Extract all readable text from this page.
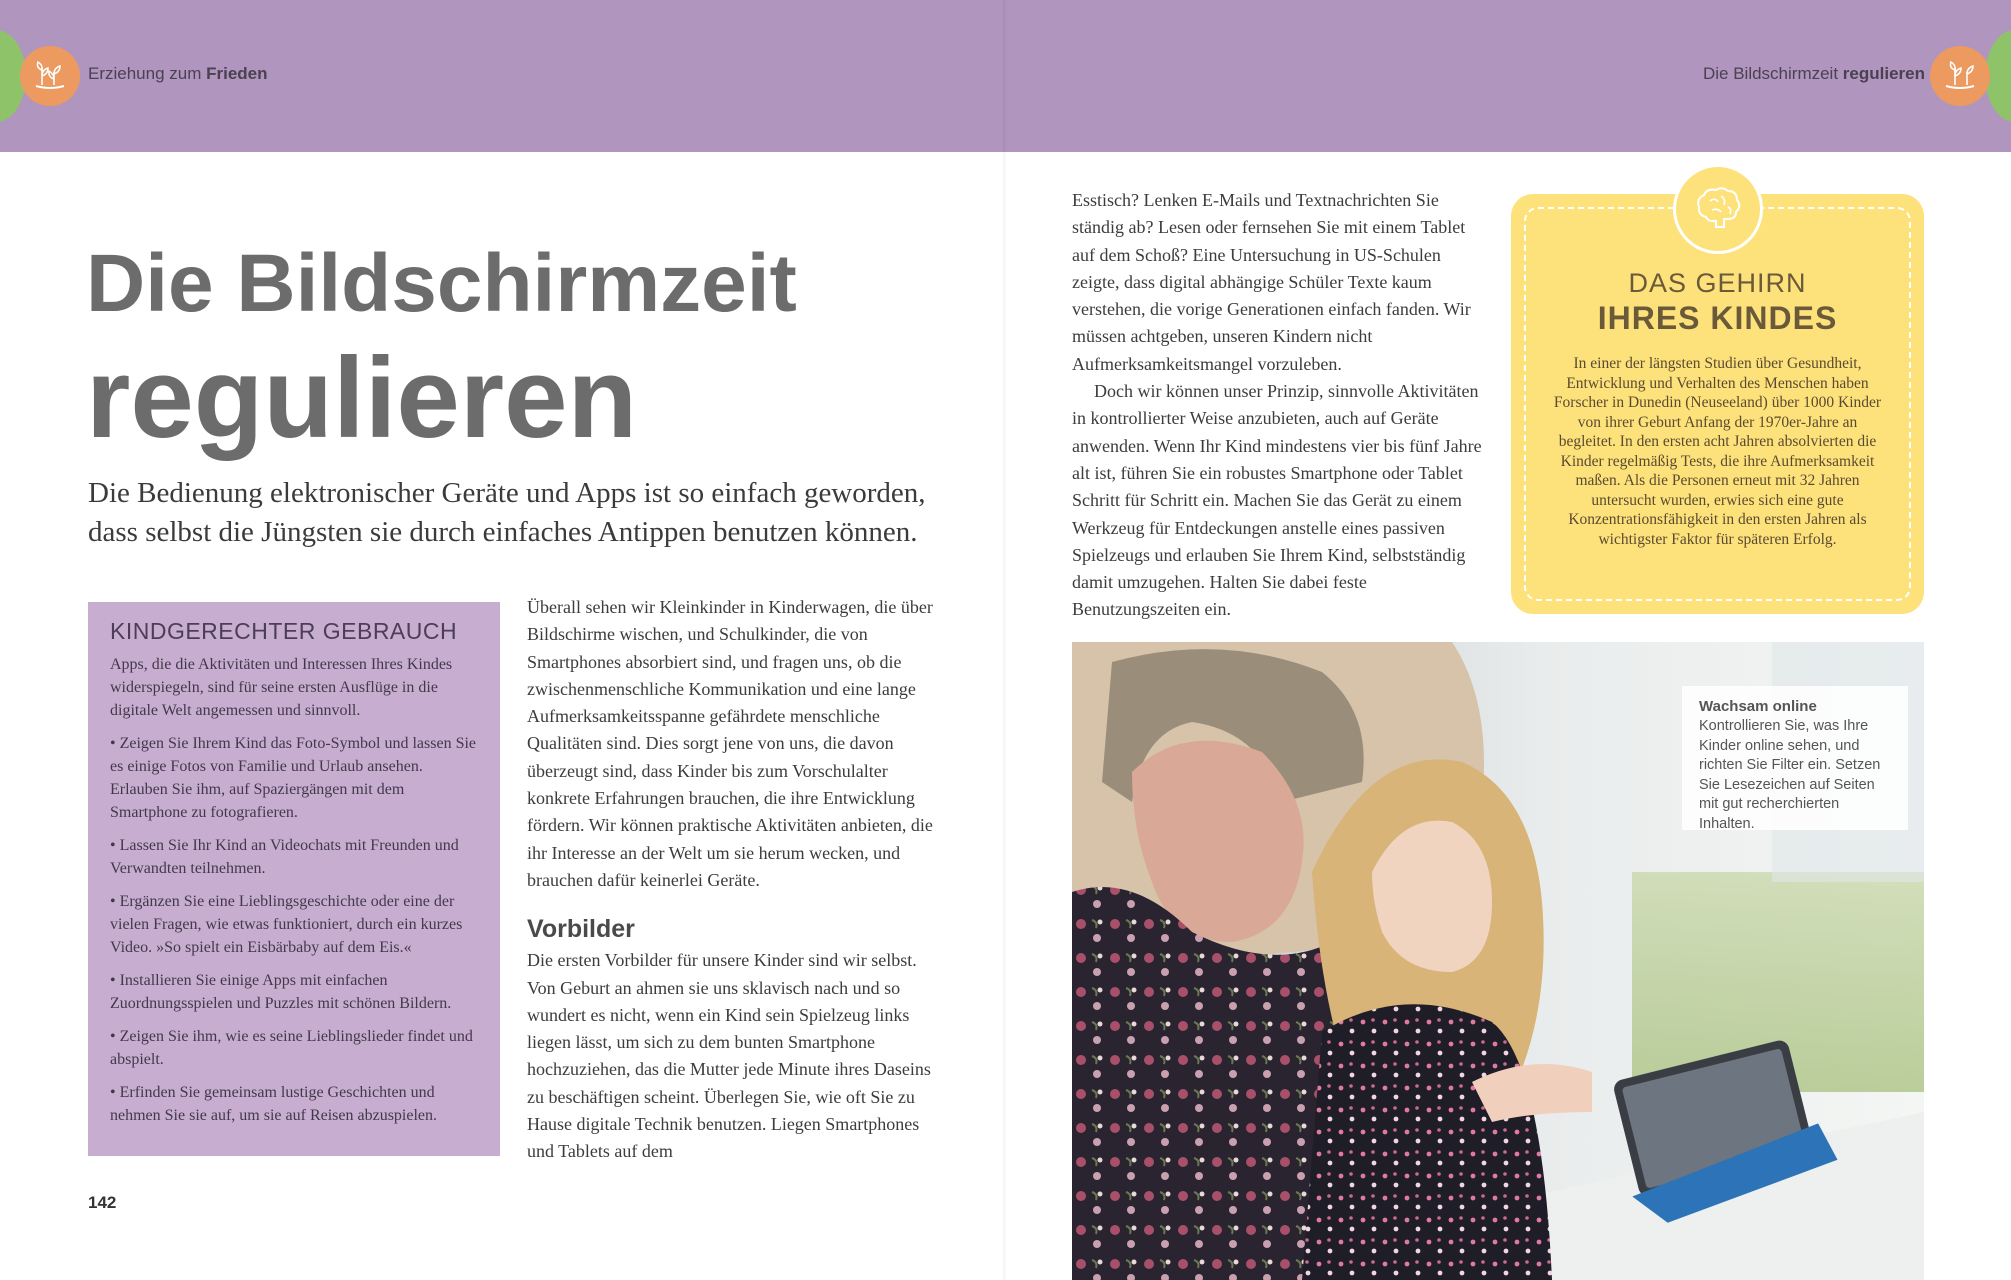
Erziehung zum Frieden	Die Bildschirmzeit regulieren
Die Bildschirmzeit
regulieren

Die Bedienung elektronischer Geräte und Apps ist so einfach geworden, dass selbst die Jüngsten sie durch einfaches Antippen benutzen können.

KINDGERECHTER GEBRAUCH

Apps, die die Aktivitäten und Interessen Ihres Kindes widerspiegeln, sind für seine ersten Ausflüge in die digitale Welt angemessen und sinnvoll.

• Zeigen Sie Ihrem Kind das Foto-Symbol und lassen Sie es einige Fotos von Familie und Urlaub ansehen. Erlauben Sie ihm, auf Spaziergängen mit dem Smartphone zu fotografieren.

• Lassen Sie Ihr Kind an Videochats mit Freunden und Verwandten teilnehmen.

• Ergänzen Sie eine Lieblingsgeschichte oder eine der vielen Fragen, wie etwas funktioniert, durch ein kurzes Video. »So spielt ein Eisbärbaby auf dem Eis.«

• Installieren Sie einige Apps mit einfachen Zuordnungsspielen und Puzzles mit schönen Bildern.

• Zeigen Sie ihm, wie es seine Lieblingslieder findet und abspielt.

• Erfinden Sie gemeinsam lustige Geschichten und nehmen Sie sie auf, um sie auf Reisen abzuspielen.

Überall sehen wir Kleinkinder in Kinderwagen, die über Bildschirme wischen, und Schulkinder, die von Smartphones absorbiert sind, und fragen uns, ob die zwischenmenschliche Kommunikation und eine lange Aufmerksamkeitsspanne gefährdete menschliche Qualitäten sind. Dies sorgt jene von uns, die davon überzeugt sind, dass Kinder bis zum Vorschulalter konkrete Erfahrungen brauchen, die ihre Entwicklung fördern. Wir können praktische Aktivitäten anbieten, die ihr Interesse an der Welt um sie herum wecken, und brauchen dafür keinerlei Geräte.

Vorbilder

Die ersten Vorbilder für unsere Kinder sind wir selbst. Von Geburt an ahmen sie uns sklavisch nach und so wundert es nicht, wenn ein Kind sein Spielzeug links liegen lässt, um sich zu dem bunten Smartphone hochzuziehen, das die Mutter jede Minute ihres Daseins zu beschäftigen scheint. Überlegen Sie, wie oft Sie zu Hause digitale Technik benutzen. Liegen Smartphones und Tablets auf dem

Esstisch? Lenken E-Mails und Textnachrichten Sie ständig ab? Lesen oder fernsehen Sie mit einem Tablet auf dem Schoß? Eine Untersuchung in US-Schulen zeigte, dass digital abhängige Schüler Texte kaum verstehen, die vorige Generationen einfach fanden. Wir müssen achtgeben, unseren Kindern nicht Aufmerksamkeitsmangel vorzuleben.

Doch wir können unser Prinzip, sinnvolle Aktivitäten in kontrollierter Weise anzubieten, auch auf Geräte anwenden. Wenn Ihr Kind mindestens vier bis fünf Jahre alt ist, führen Sie ein robustes Smartphone oder Tablet Schritt für Schritt ein. Machen Sie das Gerät zu einem Werkzeug für Entdeckungen anstelle eines passiven Spielzeugs und erlauben Sie Ihrem Kind, selbstständig damit umzugehen. Halten Sie dabei feste Benutzungszeiten ein.

142
DAS GEHIRN
IHRES KINDES
In einer der längsten Studien über Gesundheit, Entwicklung und Verhalten des Menschen haben Forscher in Dunedin (Neuseeland) über 1000 Kinder von ihrer Geburt Anfang der 1970er-Jahre an begleitet. In den ersten acht Jahren absolvierten die Kinder regelmäßig Tests, die ihre Aufmerksamkeit maßen. Als die Personen erneut mit 32 Jahren untersucht wurden, erwies sich eine gute Konzentrationsfähigkeit in den ersten Jahren als wichtigster Faktor für späteren Erfolg.
Wachsam online
Kontrollieren Sie, was Ihre Kinder online sehen, und richten Sie Filter ein. Setzen Sie Lesezeichen auf Seiten mit gut recherchierten Inhalten.
